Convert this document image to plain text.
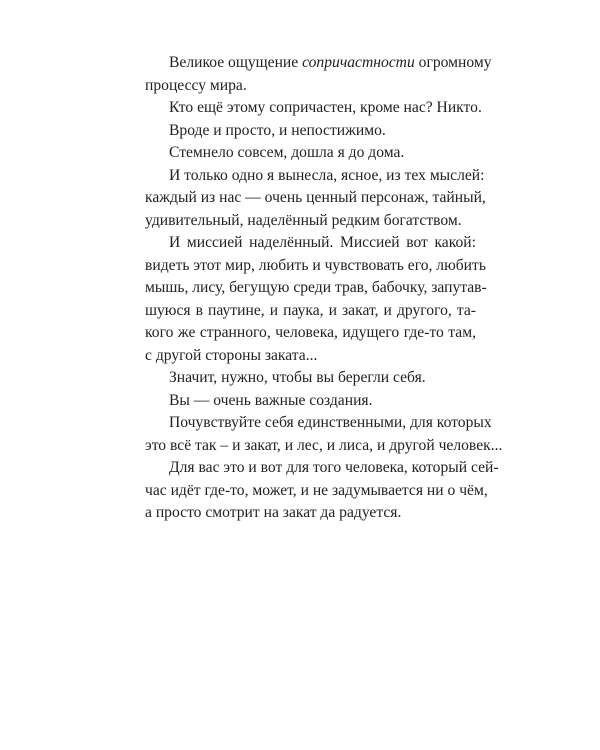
Великое ощущение сопричастности огромному
процессу мира.
Кто ещё этому сопричастен, кроме нас? Никто.
Вроде и просто, и непостижимо.
Стемнело совсем, дошла я до дома.
И только одно я вынесла, ясное, из тех мыслей:
каждый из нас — очень ценный персонаж, тайный,
удивительный, наделённый редким богатством.
И миссией наделённый. Миссией вот какой:
видеть этот мир, любить и чувствовать его, любить
мышь, лису, бегущую среди трав, бабочку, запутав-
шуюся в паутине, и паука, и закат, и другого, та-
кого же странного, человека, идущего где-то там,
с другой стороны заката...
Значит, нужно, чтобы вы берегли себя.
Вы — очень важные создания.
Почувствуйте себя единственными, для которых
это всё так – и закат, и лес, и лиса, и другой человек...
Для вас это и вот для того человека, который сей-
час идёт где-то, может, и не задумывается ни о чём,
а просто смотрит на закат да радуется.
